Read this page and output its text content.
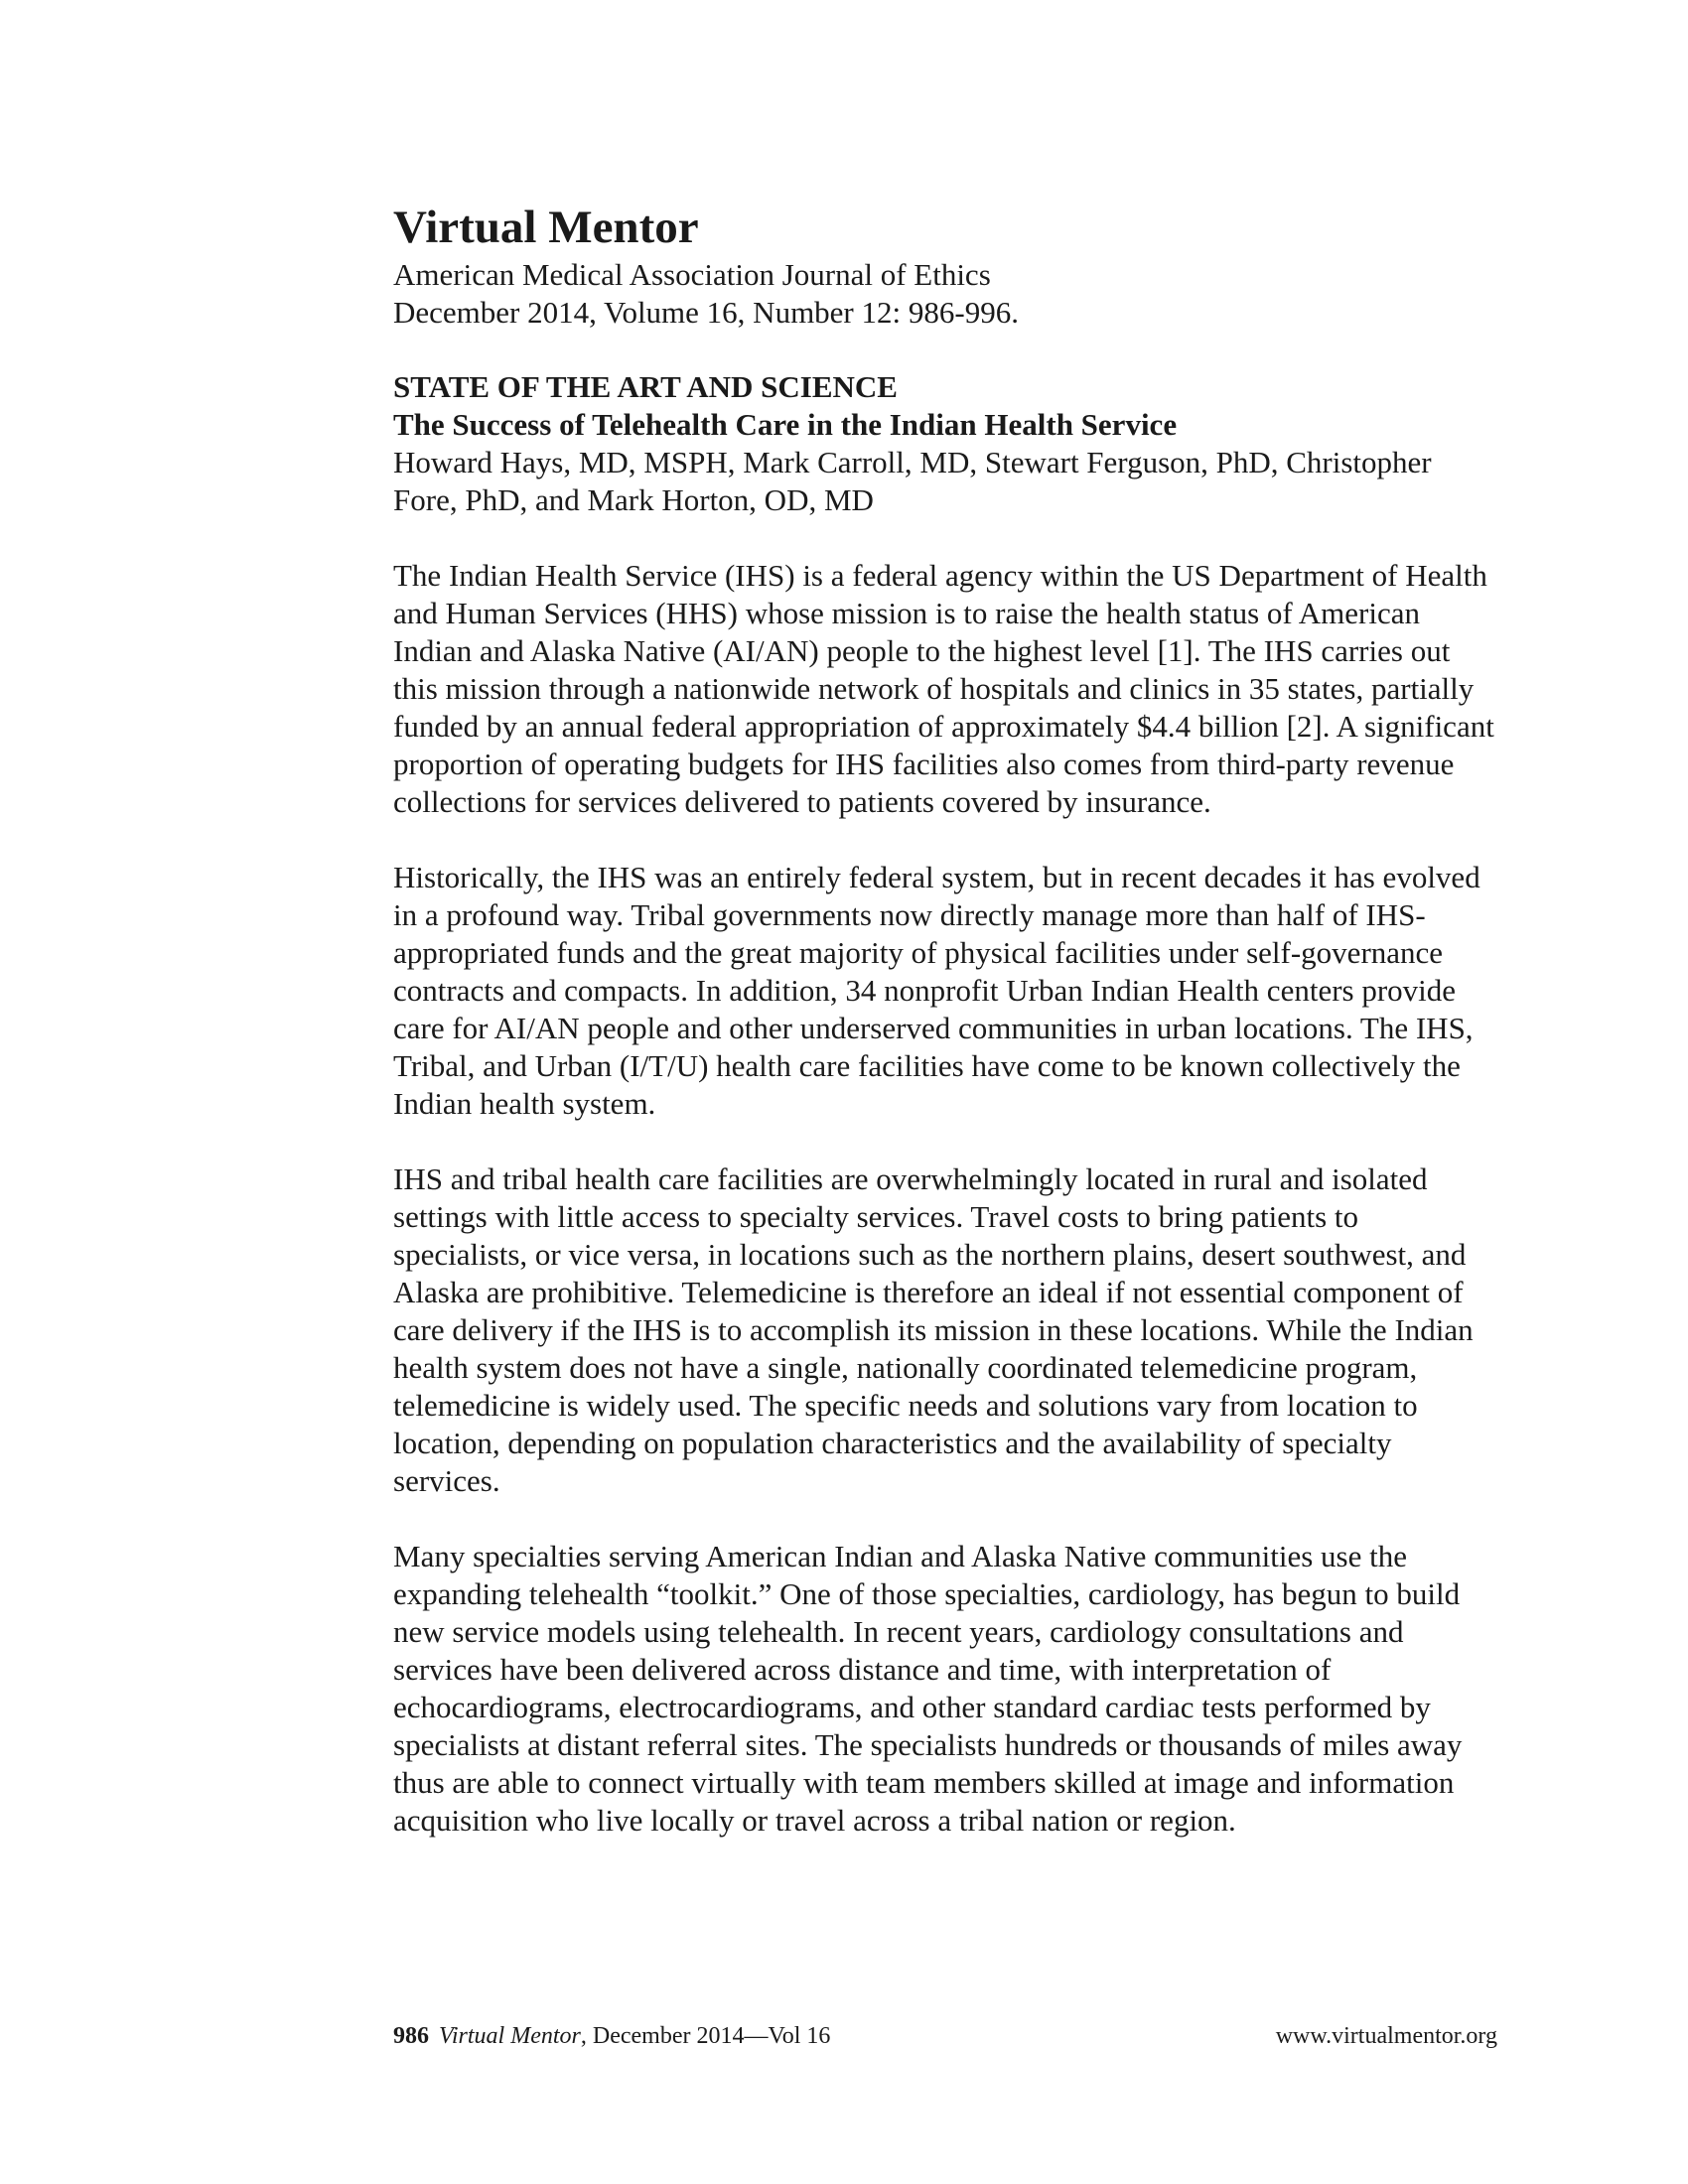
Virtual Mentor

American Medical Association Journal of Ethics

December 2014, Volume 16, Number 12: 986-996.

STATE OF THE ART AND SCIENCE

The Success of Telehealth Care in the Indian Health Service

Howard Hays, MD, MSPH, Mark Carroll, MD, Stewart Ferguson, PhD, Christopher Fore, PhD, and Mark Horton, OD, MD

The Indian Health Service (IHS) is a federal agency within the US Department of Health and Human Services (HHS) whose mission is to raise the health status of American Indian and Alaska Native (AI/AN) people to the highest level [1]. The IHS carries out this mission through a nationwide network of hospitals and clinics in 35 states, partially funded by an annual federal appropriation of approximately $4.4 billion [2]. A significant proportion of operating budgets for IHS facilities also comes from third-party revenue collections for services delivered to patients covered by insurance.

Historically, the IHS was an entirely federal system, but in recent decades it has evolved in a profound way. Tribal governments now directly manage more than half of IHS-appropriated funds and the great majority of physical facilities under self-governance contracts and compacts. In addition, 34 nonprofit Urban Indian Health centers provide care for AI/AN people and other underserved communities in urban locations. The IHS, Tribal, and Urban (I/T/U) health care facilities have come to be known collectively the Indian health system.

IHS and tribal health care facilities are overwhelmingly located in rural and isolated settings with little access to specialty services. Travel costs to bring patients to specialists, or vice versa, in locations such as the northern plains, desert southwest, and Alaska are prohibitive. Telemedicine is therefore an ideal if not essential component of care delivery if the IHS is to accomplish its mission in these locations. While the Indian health system does not have a single, nationally coordinated telemedicine program, telemedicine is widely used. The specific needs and solutions vary from location to location, depending on population characteristics and the availability of specialty services.

Many specialties serving American Indian and Alaska Native communities use the expanding telehealth “toolkit.” One of those specialties, cardiology, has begun to build new service models using telehealth. In recent years, cardiology consultations and services have been delivered across distance and time, with interpretation of echocardiograms, electrocardiograms, and other standard cardiac tests performed by specialists at distant referral sites. The specialists hundreds or thousands of miles away thus are able to connect virtually with team members skilled at image and information acquisition who live locally or travel across a tribal nation or region.

986 Virtual Mentor, December 2014—Vol 16	www.virtualmentor.org
